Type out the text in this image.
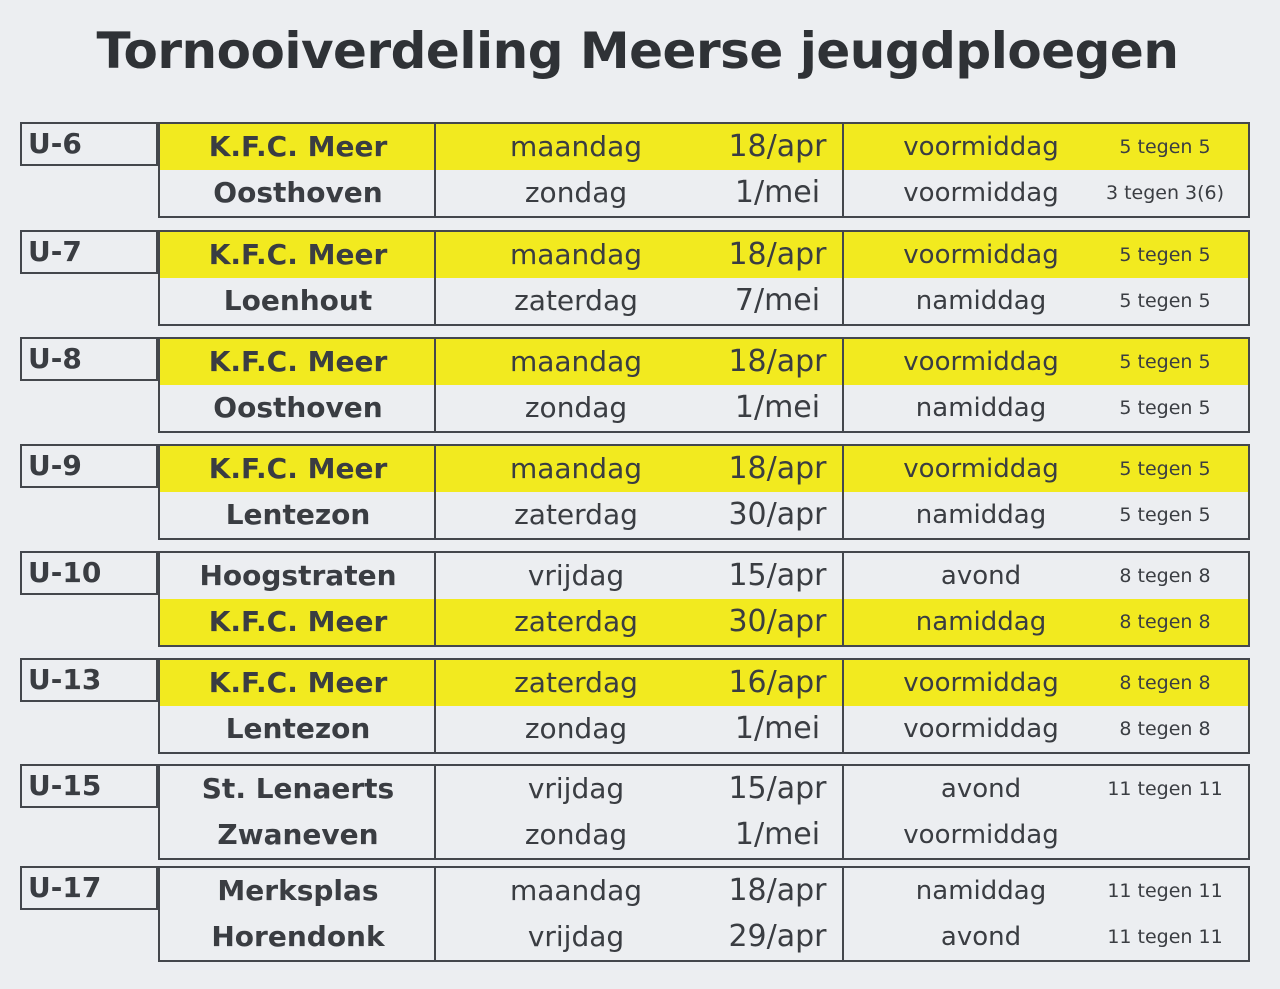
Tornooiverdeling Meerse jeugdploegen
U-6	K.F.C. Meer	maandag	18/apr	voormiddag	5 tegen 5
Oosthoven	zondag	1/mei	voormiddag	3 tegen 3(6)
U-7	K.F.C. Meer	maandag	18/apr	voormiddag	5 tegen 5
Loenhout	zaterdag	7/mei	namiddag	5 tegen 5
U-8	K.F.C. Meer	maandag	18/apr	voormiddag	5 tegen 5
Oosthoven	zondag	1/mei	namiddag	5 tegen 5
U-9	K.F.C. Meer	maandag	18/apr	voormiddag	5 tegen 5
Lentezon	zaterdag	30/apr	namiddag	5 tegen 5
U-10	Hoogstraten	vrijdag	15/apr	avond	8 tegen 8
K.F.C. Meer	zaterdag	30/apr	namiddag	8 tegen 8
U-13	K.F.C. Meer	zaterdag	16/apr	voormiddag	8 tegen 8
Lentezon	zondag	1/mei	voormiddag	8 tegen 8
U-15	St. Lenaerts	vrijdag	15/apr	avond	11 tegen 11
Zwaneven	zondag	1/mei	voormiddag
U-17	Merksplas	maandag	18/apr	namiddag	11 tegen 11
Horendonk	vrijdag	29/apr	avond	11 tegen 11
